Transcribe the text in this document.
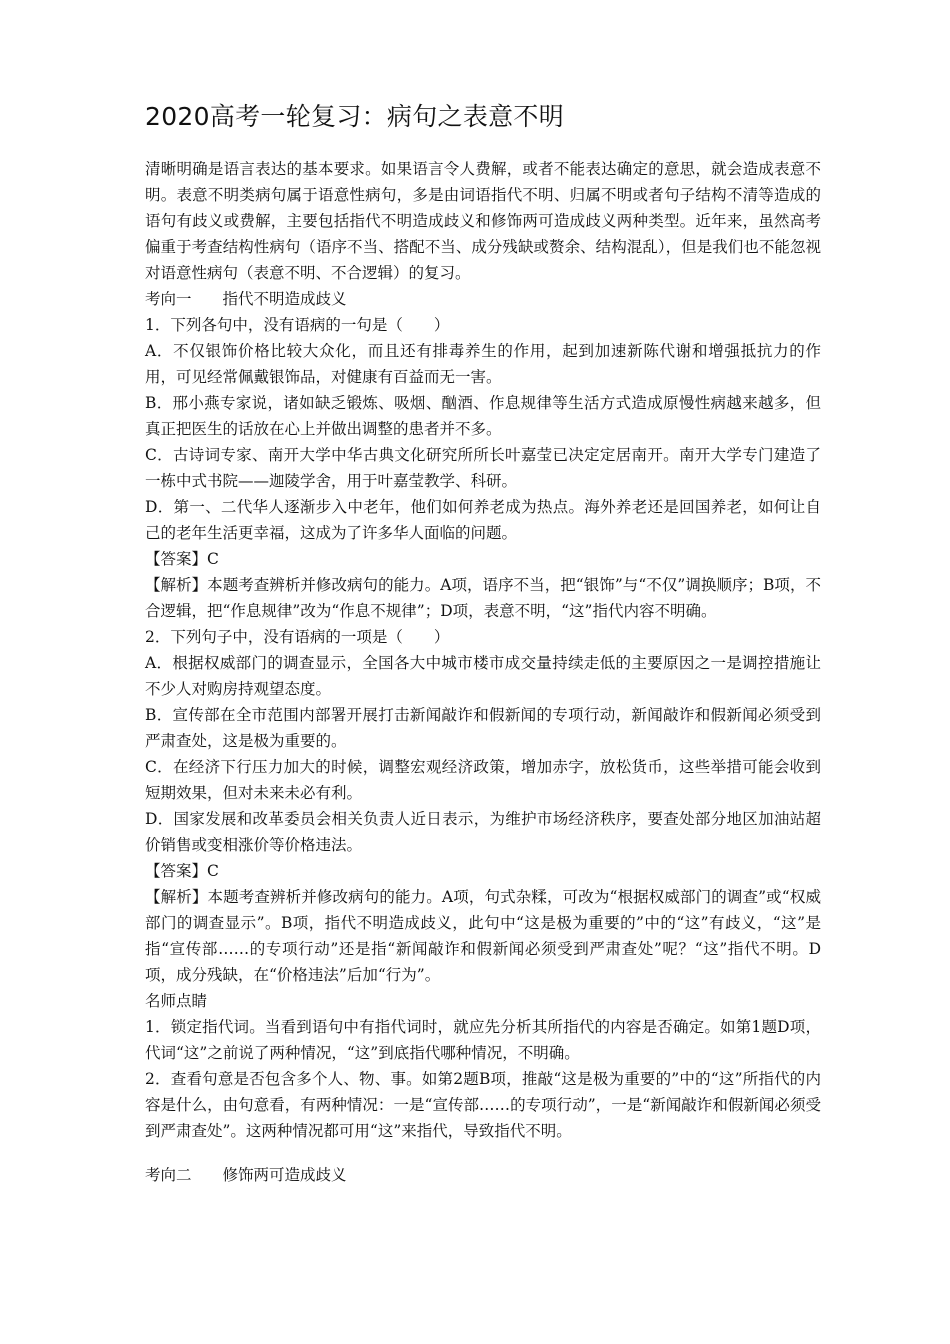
2020高考一轮复习：病句之表意不明

清晰明确是语言表达的基本要求。如果语言令人费解，或者不能表达确定的意思，就会造成表意不明。表意不明类病句属于语意性病句，多是由词语指代不明、归属不明或者句子结构不清等造成的语句有歧义或费解，主要包括指代不明造成歧义和修饰两可造成歧义两种类型。近年来，虽然高考偏重于考查结构性病句（语序不当、搭配不当、成分残缺或赘余、结构混乱），但是我们也不能忽视对语意性病句（表意不明、不合逻辑）的复习。

考向一　　指代不明造成歧义

1．下列各句中，没有语病的一句是（　　）

A．不仅银饰价格比较大众化，而且还有排毒养生的作用，起到加速新陈代谢和增强抵抗力的作用，可见经常佩戴银饰品，对健康有百益而无一害。

B．邢小燕专家说，诸如缺乏锻炼、吸烟、酗酒、作息规律等生活方式造成原慢性病越来越多，但真正把医生的话放在心上并做出调整的患者并不多。

C．古诗词专家、南开大学中华古典文化研究所所长叶嘉莹已决定定居南开。南开大学专门建造了一栋中式书院——迦陵学舍，用于叶嘉莹教学、科研。

D．第一、二代华人逐渐步入中老年，他们如何养老成为热点。海外养老还是回国养老，如何让自己的老年生活更幸福，这成为了许多华人面临的问题。

【答案】C

【解析】本题考查辨析并修改病句的能力。A项，语序不当，把“银饰”与“不仅”调换顺序；B项，不合逻辑，把“作息规律”改为“作息不规律”；D项，表意不明，“这”指代内容不明确。

2．下列句子中，没有语病的一项是（　　）

A．根据权威部门的调查显示，全国各大中城市楼市成交量持续走低的主要原因之一是调控措施让不少人对购房持观望态度。

B．宣传部在全市范围内部署开展打击新闻敲诈和假新闻的专项行动，新闻敲诈和假新闻必须受到严肃查处，这是极为重要的。

C．在经济下行压力加大的时候，调整宏观经济政策，增加赤字，放松货币，这些举措可能会收到短期效果，但对未来未必有利。

D．国家发展和改革委员会相关负责人近日表示，为维护市场经济秩序，要查处部分地区加油站超价销售或变相涨价等价格违法。

【答案】C

【解析】本题考查辨析并修改病句的能力。A项，句式杂糅，可改为“根据权威部门的调查”或“权威部门的调查显示”。B项，指代不明造成歧义，此句中“这是极为重要的”中的“这”有歧义，“这”是指“宣传部……的专项行动”还是指“新闻敲诈和假新闻必须受到严肃查处”呢？“这”指代不明。D项，成分残缺，在“价格违法”后加“行为”。

名师点睛

1．锁定指代词。当看到语句中有指代词时，就应先分析其所指代的内容是否确定。如第1题D项，代词“这”之前说了两种情况，“这”到底指代哪种情况，不明确。

2．查看句意是否包含多个人、物、事。如第2题B项，推敲“这是极为重要的”中的“这”所指代的内容是什么，由句意看，有两种情况：一是“宣传部……的专项行动”，一是“新闻敲诈和假新闻必须受到严肃查处”。这两种情况都可用“这”来指代，导致指代不明。

考向二　　修饰两可造成歧义
